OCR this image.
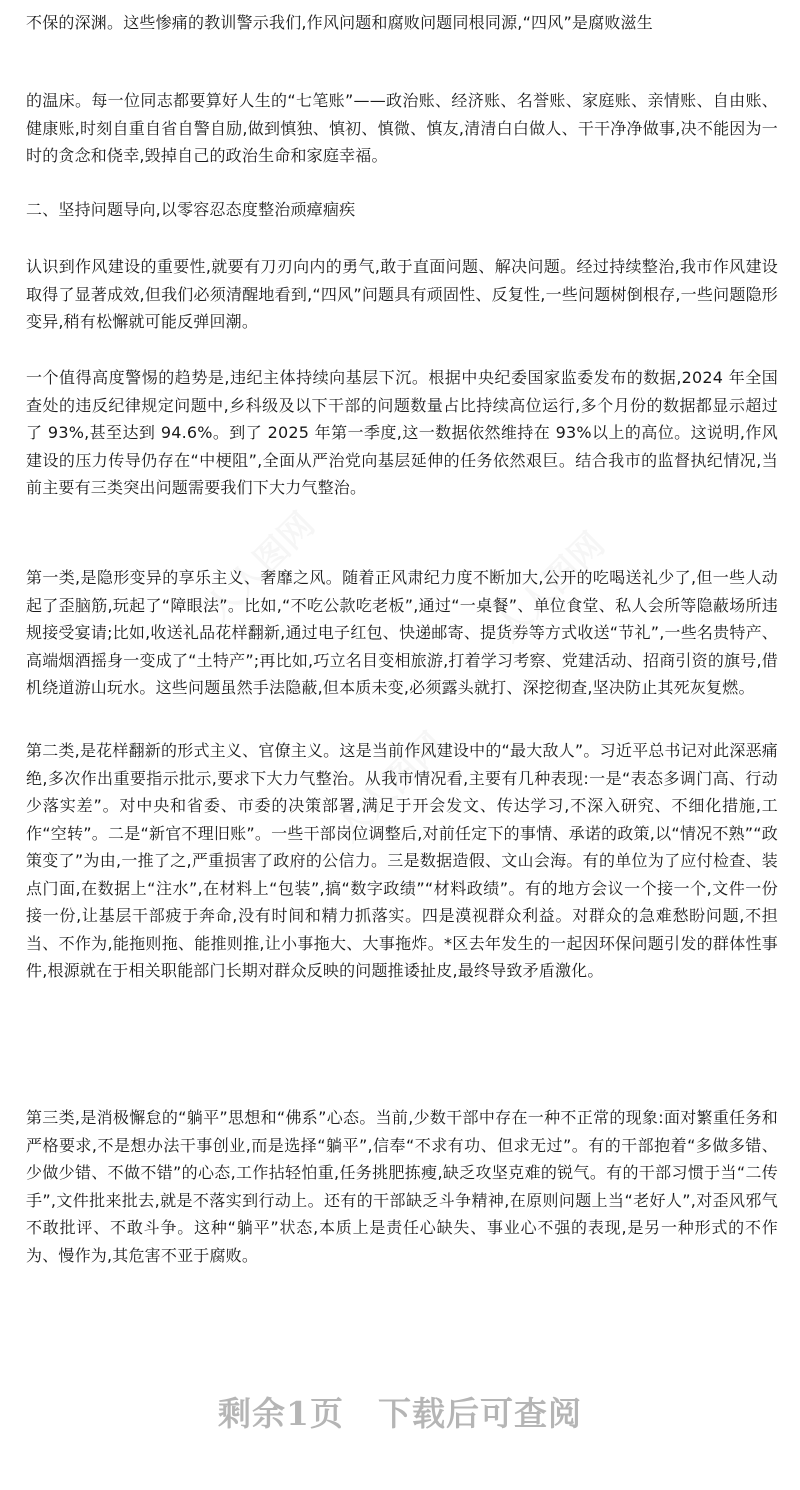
不保的深渊。这些惨痛的教训警示我们,作风问题和腐败问题同根同源,“四风”是腐败滋生

的温床。每一位同志都要算好人生的“七笔账”——政治账、经济账、名誉账、家庭账、亲情账、自由账、健康账,时刻自重自省自警自励,做到慎独、慎初、慎微、慎友,清清白白做人、干干净净做事,决不能因为一时的贪念和侥幸,毁掉自己的政治生命和家庭幸福。

二、坚持问题导向,以零容忍态度整治顽瘴痼疾

认识到作风建设的重要性,就要有刀刃向内的勇气,敢于直面问题、解决问题。经过持续整治,我市作风建设取得了显著成效,但我们必须清醒地看到,“四风”问题具有顽固性、反复性,一些问题树倒根存,一些问题隐形变异,稍有松懈就可能反弹回潮。

一个值得高度警惕的趋势是,违纪主体持续向基层下沉。根据中央纪委国家监委发布的数据,2024 年全国查处的违反纪律规定问题中,乡科级及以下干部的问题数量占比持续高位运行,多个月份的数据都显示超过了 93%,甚至达到 94.6%。到了 2025 年第一季度,这一数据依然维持在 93%以上的高位。这说明,作风建设的压力传导仍存在“中梗阻”,全面从严治党向基层延伸的任务依然艰巨。结合我市的监督执纪情况,当前主要有三类突出问题需要我们下大力气整治。

第一类,是隐形变异的享乐主义、奢靡之风。随着正风肃纪力度不断加大,公开的吃喝送礼少了,但一些人动起了歪脑筋,玩起了“障眼法”。比如,“不吃公款吃老板”,通过“一桌餐”、单位食堂、私人会所等隐蔽场所违规接受宴请;比如,收送礼品花样翻新,通过电子红包、快递邮寄、提货券等方式收送“节礼”,一些名贵特产、高端烟酒摇身一变成了“土特产”;再比如,巧立名目变相旅游,打着学习考察、党建活动、招商引资的旗号,借机绕道游山玩水。这些问题虽然手法隐蔽,但本质未变,必须露头就打、深挖彻查,坚决防止其死灰复燃。

第二类,是花样翻新的形式主义、官僚主义。这是当前作风建设中的“最大敌人”。习近平总书记对此深恶痛绝,多次作出重要指示批示,要求下大力气整治。从我市情况看,主要有几种表现:一是“表态多调门高、行动少落实差”。对中央和省委、市委的决策部署,满足于开会发文、传达学习,不深入研究、不细化措施,工作“空转”。二是“新官不理旧账”。一些干部岗位调整后,对前任定下的事情、承诺的政策,以“情况不熟”“政策变了”为由,一推了之,严重损害了政府的公信力。三是数据造假、文山会海。有的单位为了应付检查、装点门面,在数据上“注水”,在材料上“包装”,搞“数字政绩”“材料政绩”。有的地方会议一个接一个,文件一份接一份,让基层干部疲于奔命,没有时间和精力抓落实。四是漠视群众利益。对群众的急难愁盼问题,不担当、不作为,能拖则拖、能推则推,让小事拖大、大事拖炸。*区去年发生的一起因环保问题引发的群体性事件,根源就在于相关职能部门长期对群众反映的问题推诿扯皮,最终导致矛盾激化。

第三类,是消极懈怠的“躺平”思想和“佛系”心态。当前,少数干部中存在一种不正常的现象:面对繁重任务和严格要求,不是想办法干事创业,而是选择“躺平”,信奉“不求有功、但求无过”。有的干部抱着“多做多错、少做少错、不做不错”的心态,工作拈轻怕重,任务挑肥拣瘦,缺乏攻坚克难的锐气。有的干部习惯于当“二传手”,文件批来批去,就是不落实到行动上。还有的干部缺乏斗争精神,在原则问题上当“老好人”,对歪风邪气不敢批评、不敢斗争。这种“躺平”状态,本质上是责任心缺失、事业心不强的表现,是另一种形式的不作为、慢作为,其危害不亚于腐败。

剩余1页　下载后可查阅
